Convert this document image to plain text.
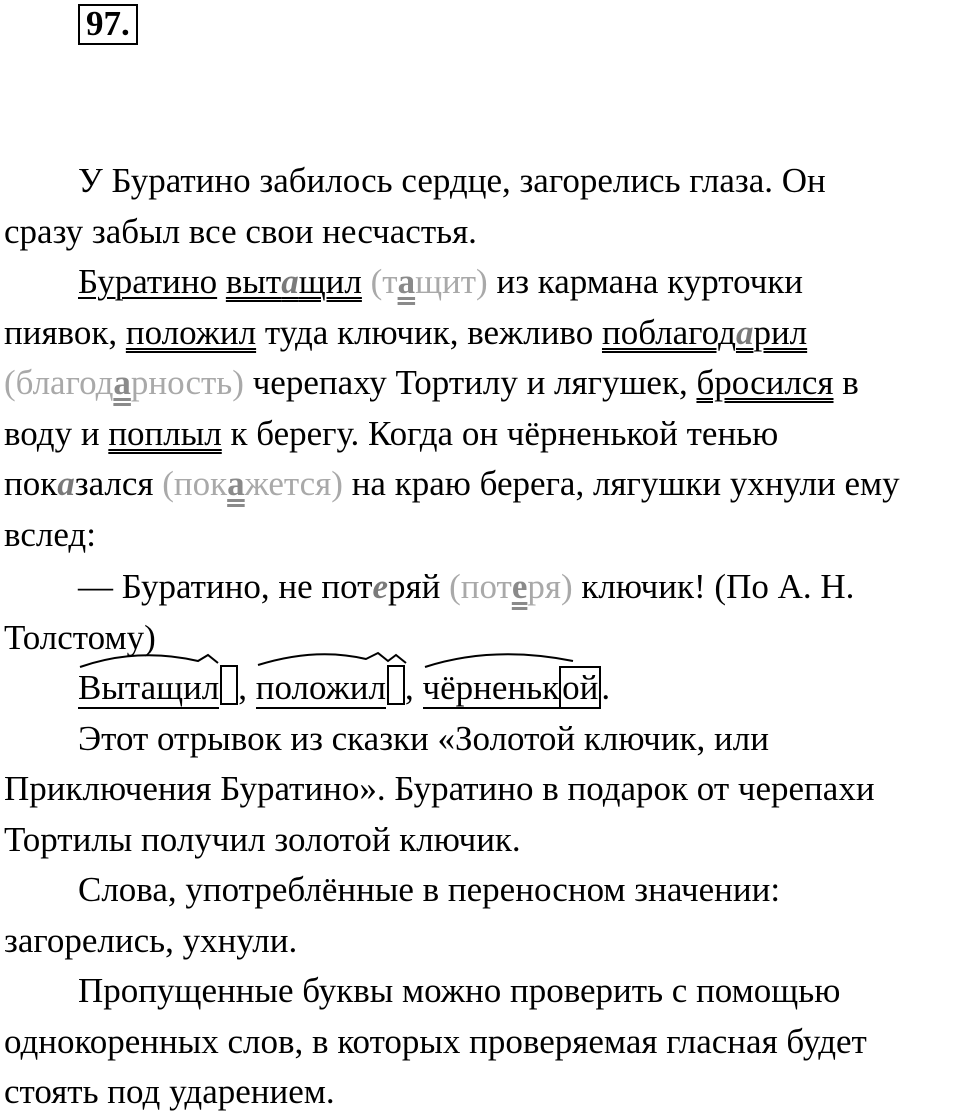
97.
У Буратино забилось сердце, загорелись глаза. Он
сразу забыл все свои несчастья.
Буратино вытащил (тащит) из кармана курточки
пиявок, положил туда ключик, вежливо поблагодарил
(благодарность) черепаху Тортилу и лягушек, бросился в
воду и поплыл к берегу. Когда он чёрненькой тенью
показался (покажется) на краю берега, лягушки ухнули ему
вслед:
— Буратино, не потеряй (потеря) ключик! (По А. Н.
Толстому)
Вытащил , положил , чёрненькой.
Этот отрывок из сказки «Золотой ключик, или
Приключения Буратино». Буратино в подарок от черепахи
Тортилы получил золотой ключик.
Слова, употреблённые в переносном значении:
загорелись, ухнули.
Пропущенные буквы можно проверить с помощью
однокоренных слов, в которых проверяемая гласная будет
стоять под ударением.
